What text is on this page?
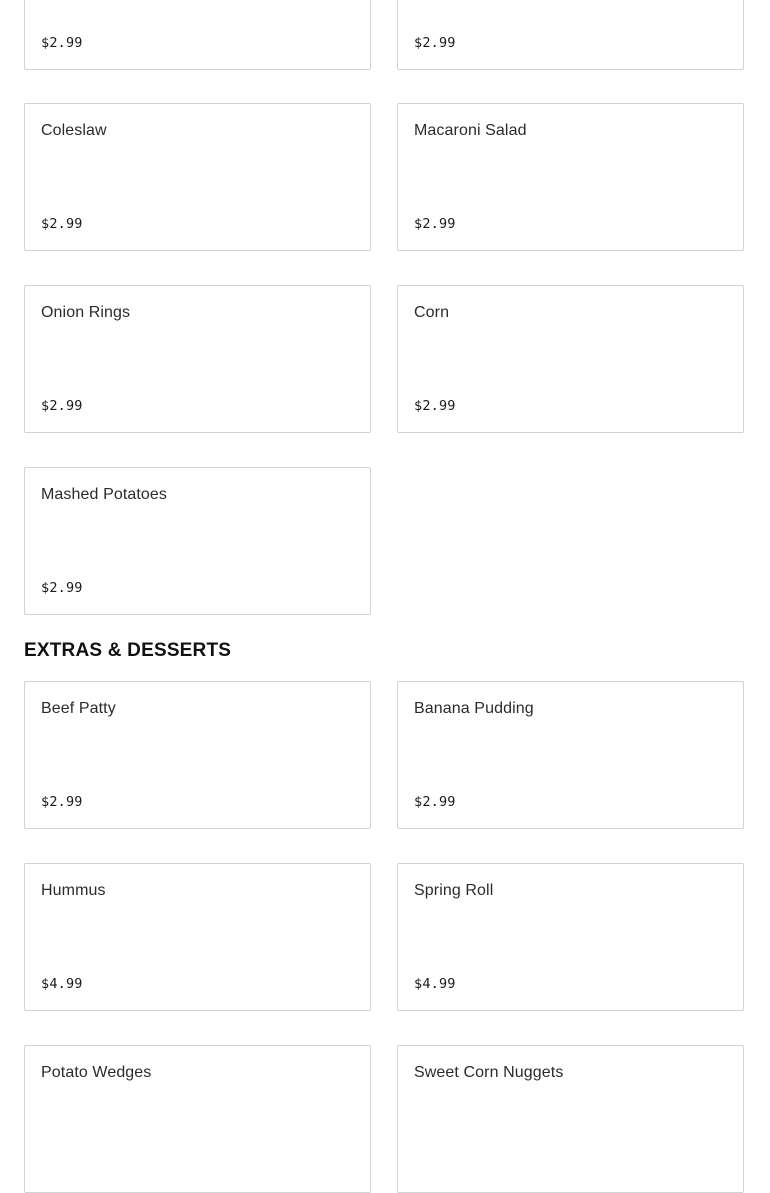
$2.99	$2.99
Coleslaw
$2.99
Macaroni Salad
$2.99
Onion Rings
$2.99
Corn
$2.99
Mashed Potatoes
$2.99
EXTRAS & DESSERTS
Beef Patty
$2.99
Banana Pudding
$2.99
Hummus
$4.99
Spring Roll
$4.99
Potato Wedges	Sweet Corn Nuggets
